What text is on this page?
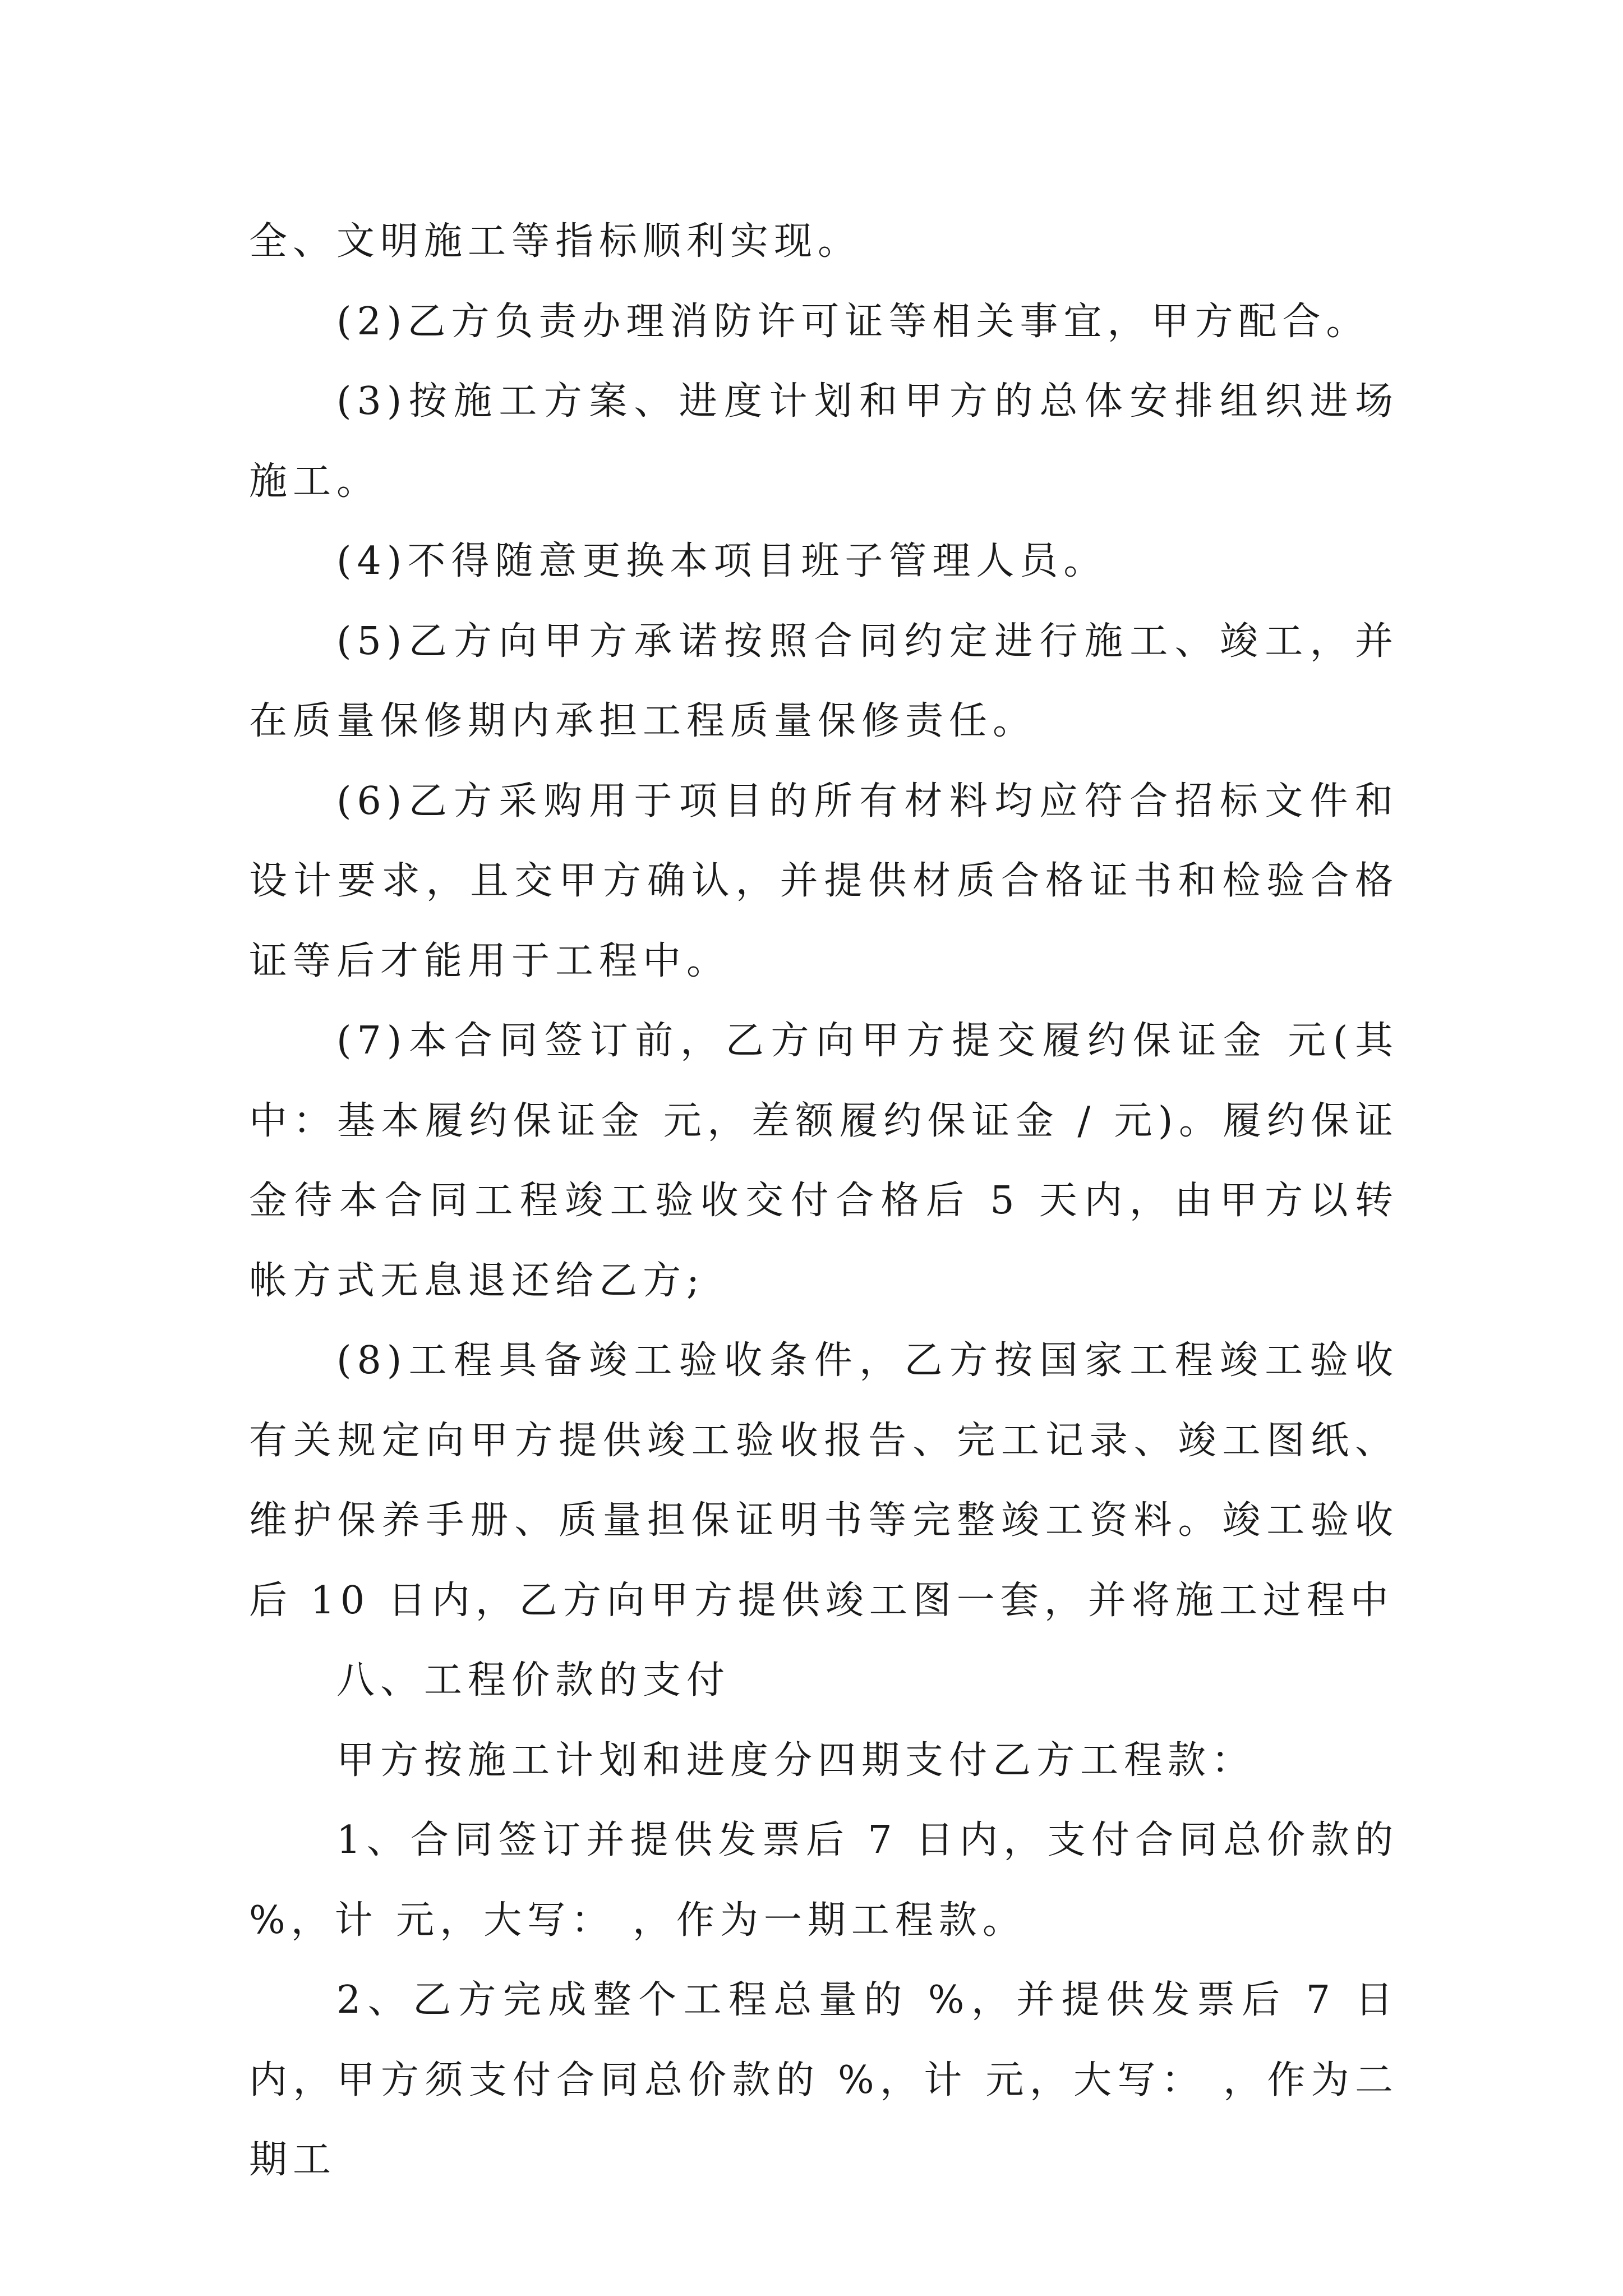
全、文明施工等指标顺利实现。

(2)乙方负责办理消防许可证等相关事宜，甲方配合。

(3)按施工方案、进度计划和甲方的总体安排组织进场施工。

(4)不得随意更换本项目班子管理人员。

(5)乙方向甲方承诺按照合同约定进行施工、竣工，并在质量保修期内承担工程质量保修责任。

(6)乙方采购用于项目的所有材料均应符合招标文件和设计要求，且交甲方确认，并提供材质合格证书和检验合格证等后才能用于工程中。

(7)本合同签订前，乙方向甲方提交履约保证金 元(其中：基本履约保证金 元，差额履约保证金 / 元)。履约保证金待本合同工程竣工验收交付合格后 5 天内，由甲方以转帐方式无息退还给乙方;

(8)工程具备竣工验收条件，乙方按国家工程竣工验收有关规定向甲方提供竣工验收报告、完工记录、竣工图纸、维护保养手册、质量担保证明书等完整竣工资料。竣工验收后 10 日内，乙方向甲方提供竣工图一套，并将施工过程中

八、工程价款的支付

甲方按施工计划和进度分四期支付乙方工程款：

1、合同签订并提供发票后 7 日内，支付合同总价款的 %，计 元，大写： ，作为一期工程款。

2、乙方完成整个工程总量的 %，并提供发票后 7 日内，甲方须支付合同总价款的 %，计 元，大写： ，作为二期工
